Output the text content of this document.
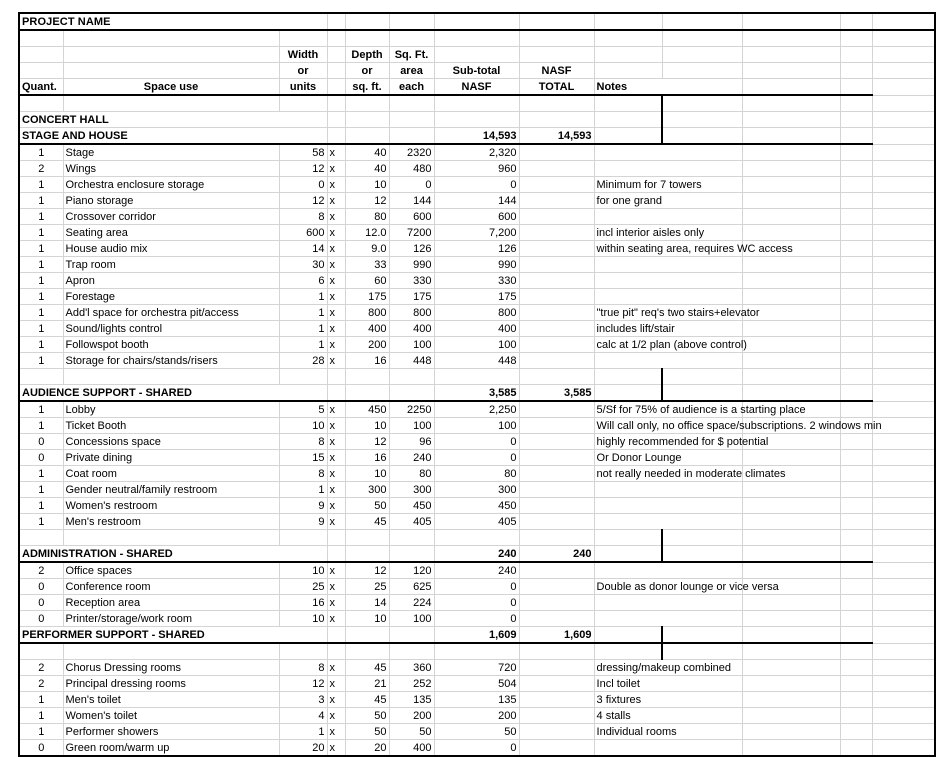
PROJECT NAME												

		Width		Depth	Sq. Ft.							
		or		or	area	Sub-total	NASF					
Quant.	Space use	units		sq. ft.	each	NASF	TOTAL	Notes				

CONCERT HALL												
STAGE AND HOUSE						14,593	14,593					
1	Stage	58	x	40	2320	2,320						
2	Wings	12	x	40	480	960						
1	Orchestra enclosure storage	0	x	10	0	0		Minimum for 7 towers				
1	Piano storage	12	x	12	144	144		for one grand				
1	Crossover corridor	8	x	80	600	600						
1	Seating area	600	x	12.0	7200	7,200		incl interior aisles only				
1	House audio mix	14	x	9.0	126	126		within seating area, requires WC access				
1	Trap room	30	x	33	990	990						
1	Apron	6	x	60	330	330						
1	Forestage	1	x	175	175	175						
1	Add'l space for orchestra pit/access	1	x	800	800	800		"true pit" req's two stairs+elevator				
1	Sound/lights control	1	x	400	400	400		includes lift/stair				
1	Followspot booth	1	x	200	100	100		calc at 1/2 plan (above control)				
1	Storage for chairs/stands/risers	28	x	16	448	448						

AUDIENCE SUPPORT - SHARED						3,585	3,585					
1	Lobby	5	x	450	2250	2,250		5/Sf for 75% of audience is a starting place				
1	Ticket Booth	10	x	10	100	100		Will call only, no office space/subscriptions. 2 windows min				
0	Concessions space	8	x	12	96	0		highly recommended for $ potential				
0	Private dining	15	x	16	240	0		Or Donor Lounge				
1	Coat room	8	x	10	80	80		not really needed in moderate climates				
1	Gender neutral/family restroom	1	x	300	300	300						
1	Women's restroom	9	x	50	450	450						
1	Men's restroom	9	x	45	405	405						

ADMINISTRATION - SHARED						240	240					
2	Office spaces	10	x	12	120	240						
0	Conference room	25	x	25	625	0		Double as donor lounge or vice versa				
0	Reception area	16	x	14	224	0						
0	Printer/storage/work room	10	x	10	100	0						
PERFORMER SUPPORT - SHARED						1,609	1,609					

2	Chorus Dressing rooms	8	x	45	360	720		dressing/makeup combined				
2	Principal dressing rooms	12	x	21	252	504		Incl toilet				
1	Men's toilet	3	x	45	135	135		3 fixtures				
1	Women's toilet	4	x	50	200	200		4 stalls				
1	Performer showers	1	x	50	50	50		Individual rooms				
0	Green room/warm up	20	x	20	400	0						
